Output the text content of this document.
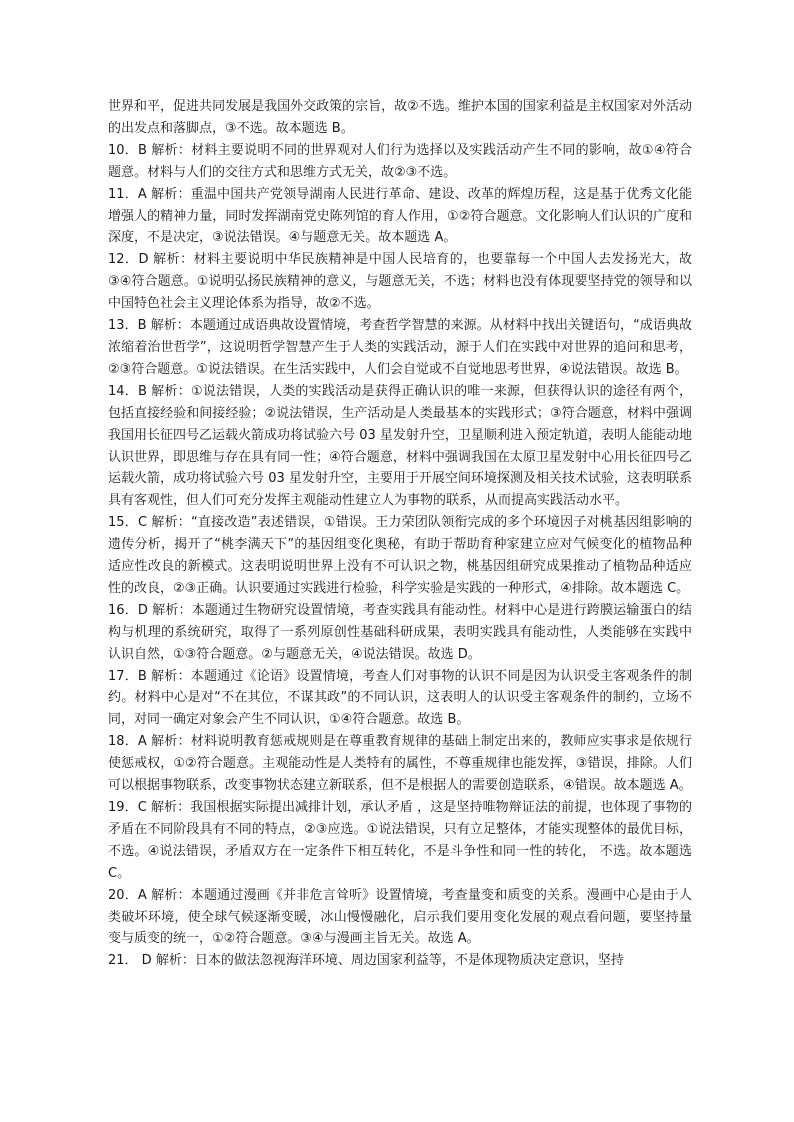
世界和平，促进共同发展是我国外交政策的宗旨，故②不选。维护本国的国家利益是主权国家对外活动的出发点和落脚点，③不选。故本题选 B。

10．B 解析：材料主要说明不同的世界观对人们行为选择以及实践活动产生不同的影响，故①④符合题意。材料与人们的交往方式和思维方式无关，故②③不选。

11．A 解析：重温中国共产党领导湖南人民进行革命、建设、改革的辉煌历程，这是基于优秀文化能增强人的精神力量，同时发挥湖南党史陈列馆的育人作用，①②符合题意。文化影响人们认识的广度和深度，不是决定，③说法错误。④与题意无关。故本题选 A。

12．D 解析：材料主要说明中华民族精神是中国人民培育的，也要靠每一个中国人去发扬光大，故③④符合题意。①说明弘扬民族精神的意义，与题意无关，不选；材料也没有体现要坚持党的领导和以中国特色社会主义理论体系为指导，故②不选。

13．B 解析：本题通过成语典故设置情境，考查哲学智慧的来源。从材料中找出关键语句，“成语典故浓缩着治世哲学”，这说明哲学智慧产生于人类的实践活动，源于人们在实践中对世界的追问和思考，②③符合题意。①说法错误。在生活实践中，人们会自觉或不自觉地思考世界，④说法错误。故选 B。

14．B 解析：①说法错误，人类的实践活动是获得正确认识的唯一来源，但获得认识的途径有两个，包括直接经验和间接经验；②说法错误，生产活动是人类最基本的实践形式；③符合题意，材料中强调我国用长征四号乙运载火箭成功将试验六号 03 星发射升空，卫星顺利进入预定轨道，表明人能能动地认识世界，即思维与存在具有同一性；④符合题意，材料中强调我国在太原卫星发射中心用长征四号乙运载火箭，成功将试验六号 03 星发射升空，主要用于开展空间环境探测及相关技术试验，这表明联系具有客观性，但人们可充分发挥主观能动性建立人为事物的联系，从而提高实践活动水平。

15．C 解析：“直接改造”表述错误，①错误。王力荣团队领衔完成的多个环境因子对桃基因组影响的遗传分析，揭开了“桃李满天下”的基因组变化奥秘，有助于帮助育种家建立应对气候变化的植物品种适应性改良的新模式。这表明说明世界上没有不可认识之物，桃基因组研究成果推动了植物品种适应性的改良，②③正确。认识要通过实践进行检验，科学实验是实践的一种形式，④排除。故本题选 C。

16．D 解析：本题通过生物研究设置情境，考查实践具有能动性。材料中心是进行跨膜运输蛋白的结构与机理的系统研究，取得了一系列原创性基础科研成果，表明实践具有能动性，人类能够在实践中认识自然，①③符合题意。②与题意无关，④说法错误。故选 D。

17．B 解析：本题通过《论语》设置情境，考查人们对事物的认识不同是因为认识受主客观条件的制约。材料中心是对“不在其位，不谋其政”的不同认识，这表明人的认识受主客观条件的制约，立场不同，对同一确定对象会产生不同认识，①④符合题意。故选 B。

18．A 解析：材料说明教育惩戒规则是在尊重教育规律的基础上制定出来的，教师应实事求是依规行使惩戒权，①②符合题意。主观能动性是人类特有的属性，不尊重规律也能发挥，③错误，排除。人们可以根据事物联系，改变事物状态建立新联系，但不是根据人的需要创造联系，④错误。故本题选 A。

19．C 解析：我国根据实际提出减排计划，承认矛盾 ，这是坚持唯物辩证法的前提，也体现了事物的矛盾在不同阶段具有不同的特点，②③应选。①说法错误，只有立足整体，才能实现整体的最优目标，不选。④说法错误，矛盾双方在一定条件下相互转化，不是斗争性和同一性的转化， 不选。故本题选 C。

20．A 解析：本题通过漫画《并非危言耸听》设置情境，考查量变和质变的关系。漫画中心是由于人类破坏环境，使全球气候逐渐变暖，冰山慢慢融化，启示我们要用变化发展的观点看问题，要坚持量变与质变的统一，①②符合题意。③④与漫画主旨无关。故选 A。

21． D 解析：日本的做法忽视海洋环境、周边国家利益等，不是体现物质决定意识，坚持
